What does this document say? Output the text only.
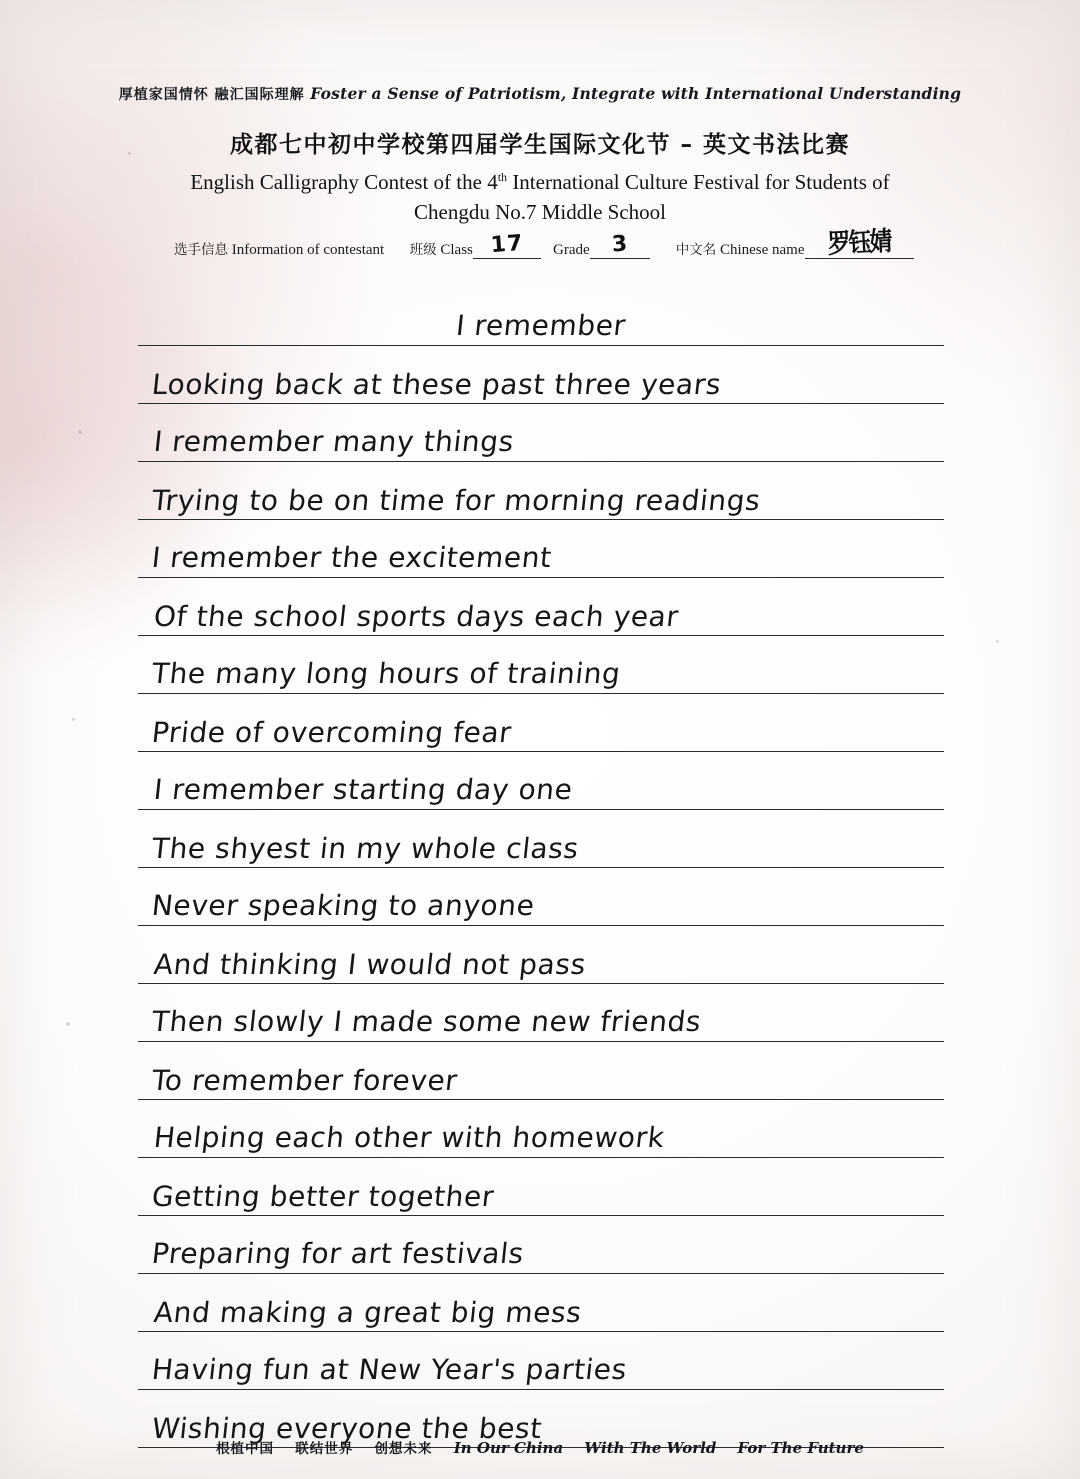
厚植家国情怀 融汇国际理解 Foster a Sense of Patriotism, Integrate with International Understanding
成都七中初中学校第四届学生国际文化节 – 英文书法比赛
English Calligraphy Contest of the 4th International Culture Festival for Students of
Chengdu No.7 Middle School
选手信息 Information of contestant 班级 Class 17 Grade 3	中文名 Chinese name 罗钰婧
I remember
Looking back at these past three years
I remember many things
Trying to be on time for morning readings
I remember the excitement
Of the school sports days each year
The many long hours of training
Pride of overcoming fear
I remember starting day one
The shyest in my whole class
Never speaking to anyone
And thinking I would not pass
Then slowly I made some new friends
To remember forever
Helping each other with homework
Getting better together
Preparing for art festivals
And making a great big mess
Having fun at New Year's parties
Wishing everyone the best
根植中国 联结世界 创想未来 In Our China With The World For The Future
